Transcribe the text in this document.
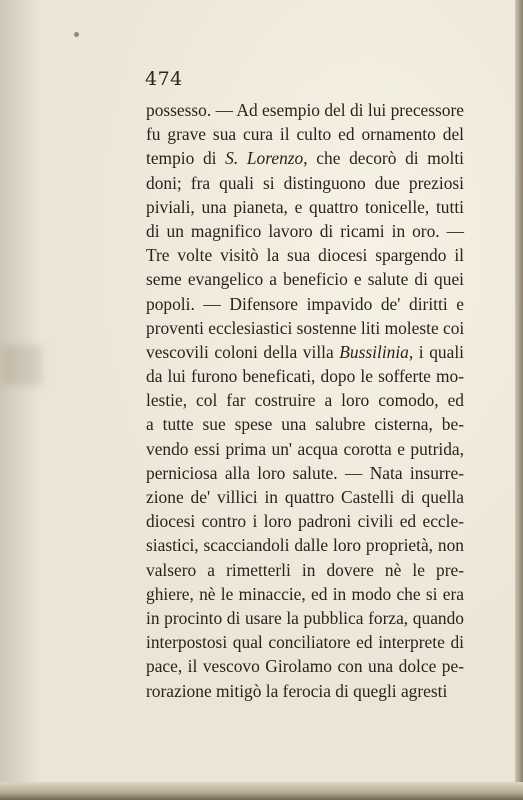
474
possesso. — Ad esempio del di lui precessore
fu grave sua cura il culto ed ornamento del
tempio di S. Lorenzo, che decorò di molti
doni; fra quali si distinguono due preziosi
piviali, una pianeta, e quattro tonicelle, tutti
di un magnifico lavoro di ricami in oro. —
Tre volte visitò la sua diocesi spargendo il
seme evangelico a beneficio e salute di quei
popoli. — Difensore impavido de' diritti e
proventi ecclesiastici sostenne liti moleste coi
vescovili coloni della villa Bussilinia, i quali
da lui furono beneficati, dopo le sofferte mo-
lestie, col far costruire a loro comodo, ed
a tutte sue spese una salubre cisterna, be-
vendo essi prima un' acqua corotta e putrida,
perniciosa alla loro salute. — Nata insurre-
zione de' villici in quattro Castelli di quella
diocesi contro i loro padroni civili ed eccle-
siastici, scacciandoli dalle loro proprietà, non
valsero a rimetterli in dovere nè le pre-
ghiere, nè le minaccie, ed in modo che si era
in procinto di usare la pubblica forza, quando
interpostosi qual conciliatore ed interprete di
pace, il vescovo Girolamo con una dolce pe-
rorazione mitigò la ferocia di quegli agresti
